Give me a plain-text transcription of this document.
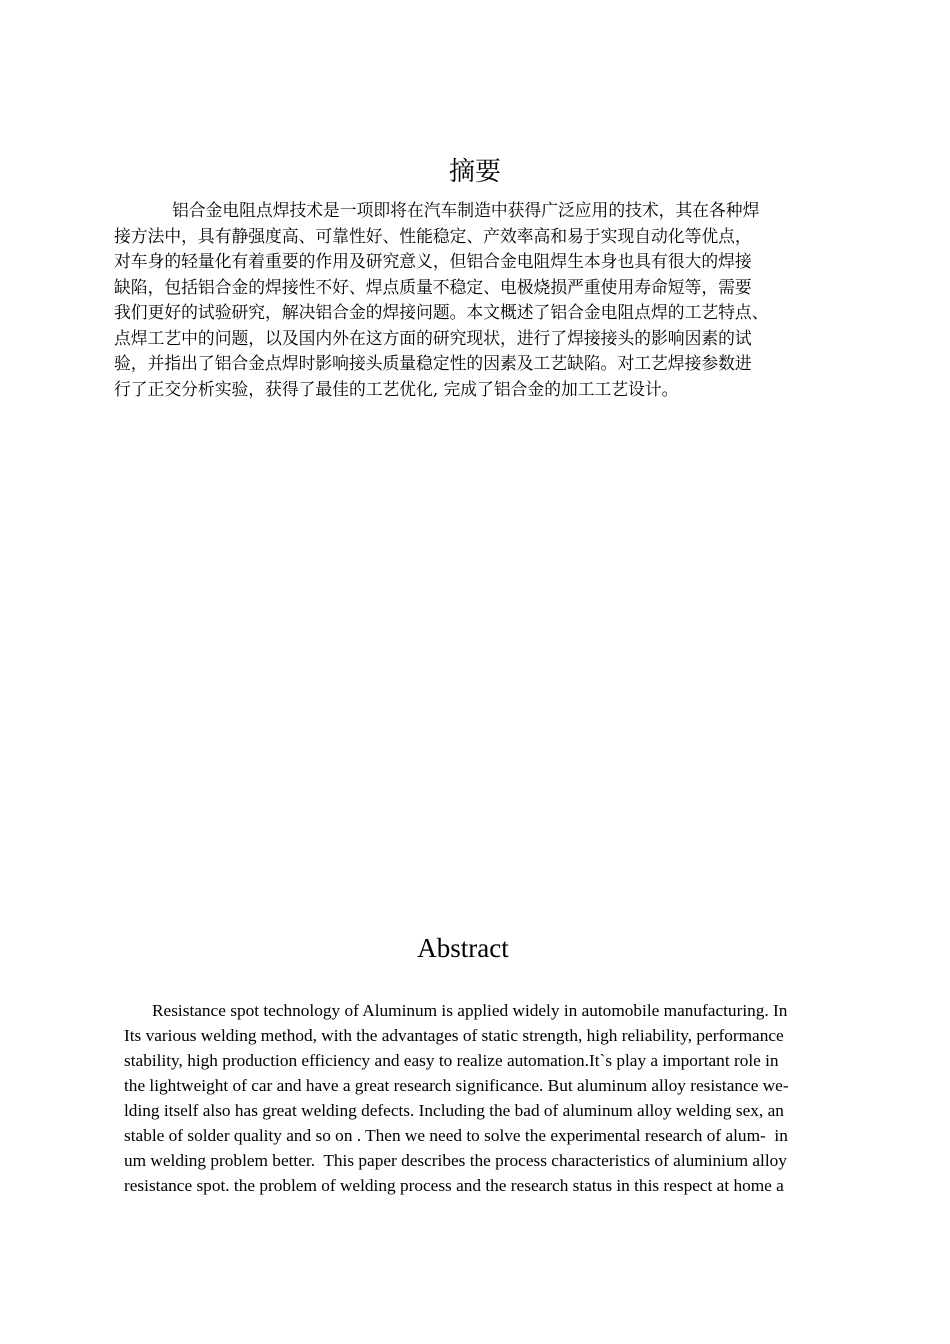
摘要
铝合金电阻点焊技术是一项即将在汽车制造中获得广泛应用的技术，其在各种焊
接方法中，具有静强度高、可靠性好、性能稳定、产效率高和易于实现自动化等优点，
对车身的轻量化有着重要的作用及研究意义，但铝合金电阻焊生本身也具有很大的焊接
缺陷，包括铝合金的焊接性不好、焊点质量不稳定、电极烧损严重使用寿命短等，需要
我们更好的试验研究，解决铝合金的焊接问题。本文概述了铝合金电阻点焊的工艺特点、
点焊工艺中的问题，以及国内外在这方面的研究现状，进行了焊接接头的影响因素的试
验，并指出了铝合金点焊时影响接头质量稳定性的因素及工艺缺陷。对工艺焊接参数进
行了正交分析实验，获得了最佳的工艺优化, 完成了铝合金的加工工艺设计。
Abstract
Resistance spot technology of Aluminum is applied widely in automobile manufacturing. In
Its various welding method, with the advantages of static strength, high reliability, performance
stability, high production efficiency and easy to realize automation.It`s play a important role in
the lightweight of car and have a great research significance. But aluminum alloy resistance we-
lding itself also has great welding defects. Including the bad of aluminum alloy welding sex, an
stable of solder quality and so on . Then we need to solve the experimental research of alum-  in
um welding problem better.  This paper describes the process characteristics of aluminium alloy
resistance spot. the problem of welding process and the research status in this respect at home a
